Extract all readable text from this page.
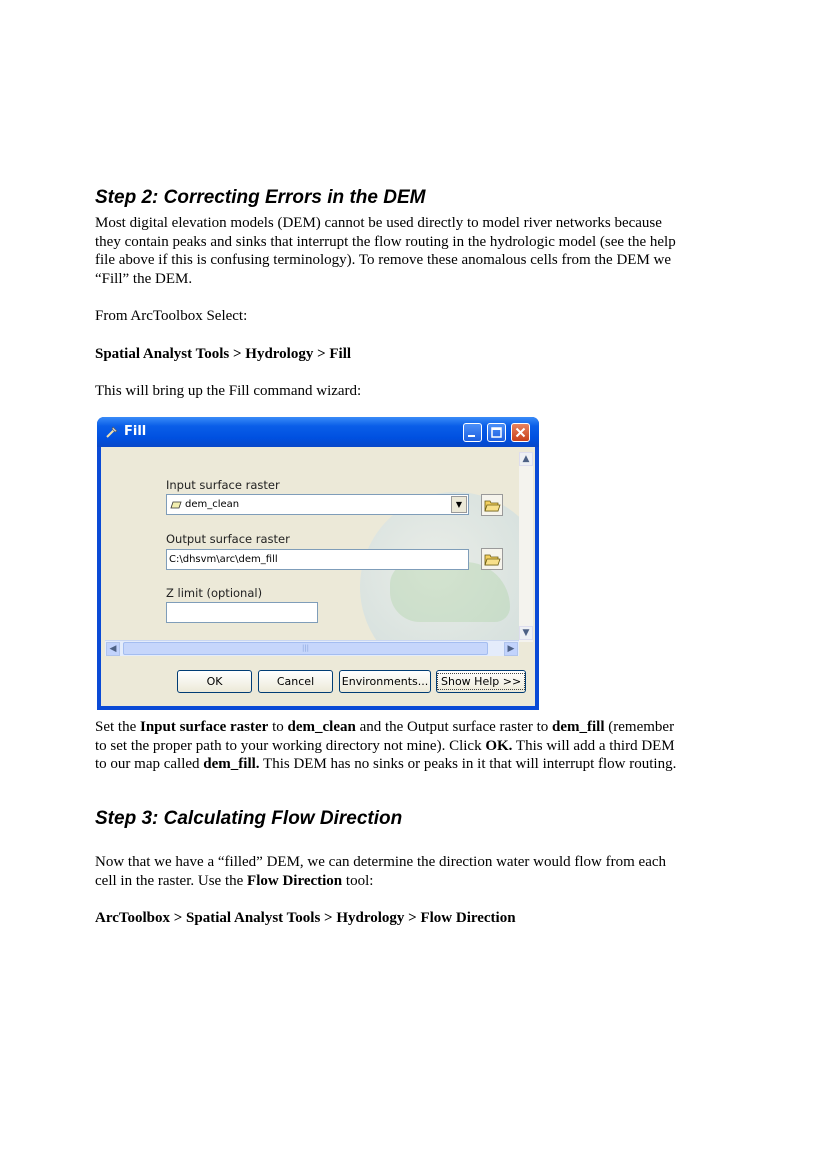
Step 2: Correcting Errors in the DEM

Most digital elevation models (DEM) cannot be used directly to model river networks because
they contain peaks and sinks that interrupt the flow routing in the hydrologic model (see the help
file above if this is confusing terminology). To remove these anomalous cells from the DEM we
“Fill” the DEM.

From ArcToolbox Select:

Spatial Analyst Tools > Hydrology > Fill

This will bring up the Fill command wizard:

Fill
Input surface raster
dem_clean	▼
Output surface raster
C:\dhsvm\arc\dem_fill
Z limit (optional)
▲
▼
◀	|||	▶
OK	Cancel	Environments...	Show Help >>

Set the Input surface raster to dem_clean and the Output surface raster to dem_fill (remember
to set the proper path to your working directory not mine). Click OK. This will add a third DEM
to our map called dem_fill. This DEM has no sinks or peaks in it that will interrupt flow routing.

Step 3: Calculating Flow Direction

Now that we have a “filled” DEM, we can determine the direction water would flow from each
cell in the raster. Use the Flow Direction tool:

ArcToolbox > Spatial Analyst Tools > Hydrology > Flow Direction
